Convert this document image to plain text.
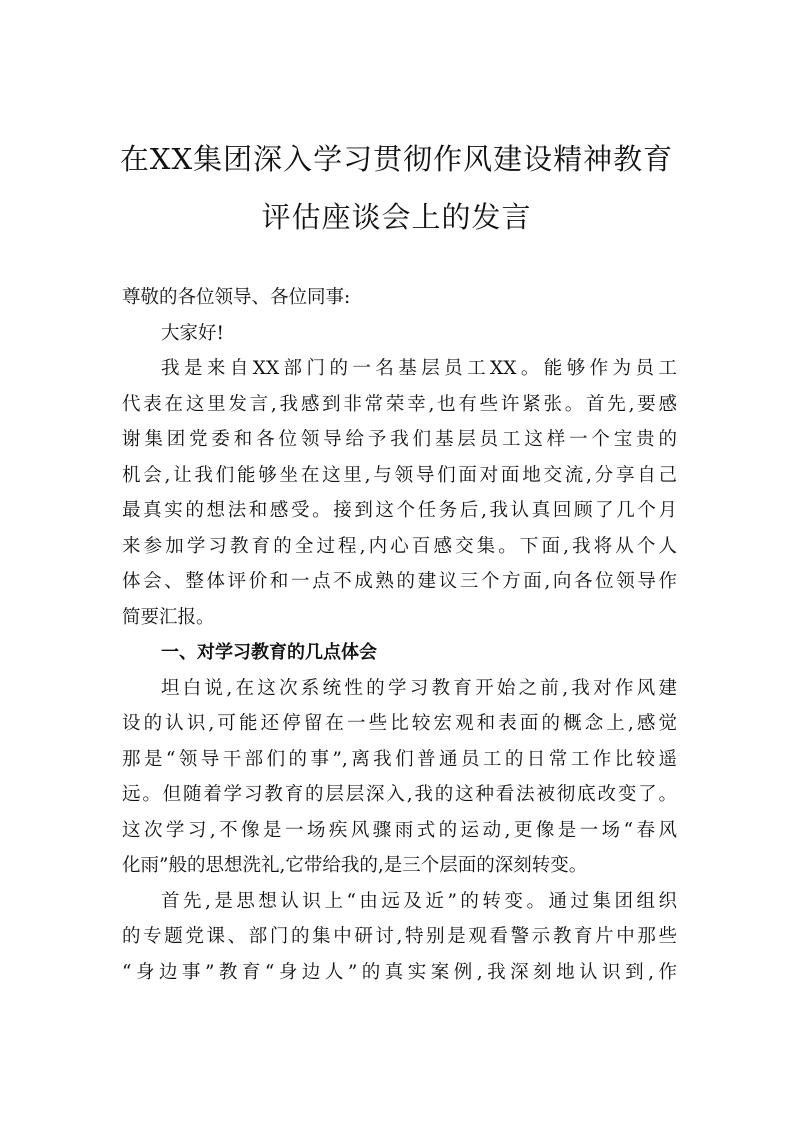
在XX集团深入学习贯彻作风建设精神教育
评估座谈会上的发言
尊敬的各位领导、各位同事:
大家好!
我是来自XX部门的一名基层员工XX。能够作为员工
代表在这里发言,我感到非常荣幸,也有些许紧张。首先,要感
谢集团党委和各位领导给予我们基层员工这样一个宝贵的
机会,让我们能够坐在这里,与领导们面对面地交流,分享自己
最真实的想法和感受。接到这个任务后,我认真回顾了几个月
来参加学习教育的全过程,内心百感交集。下面,我将从个人
体会、整体评价和一点不成熟的建议三个方面,向各位领导作
简要汇报。
一、对学习教育的几点体会
坦白说,在这次系统性的学习教育开始之前,我对作风建
设的认识,可能还停留在一些比较宏观和表面的概念上,感觉
那是“领导干部们的事”,离我们普通员工的日常工作比较遥
远。但随着学习教育的层层深入,我的这种看法被彻底改变了。
这次学习,不像是一场疾风骤雨式的运动,更像是一场“春风
化雨”般的思想洗礼,它带给我的,是三个层面的深刻转变。
首先,是思想认识上“由远及近”的转变。通过集团组织
的专题党课、部门的集中研讨,特别是观看警示教育片中那些
“身边事”教育“身边人”的真实案例,我深刻地认识到,作
